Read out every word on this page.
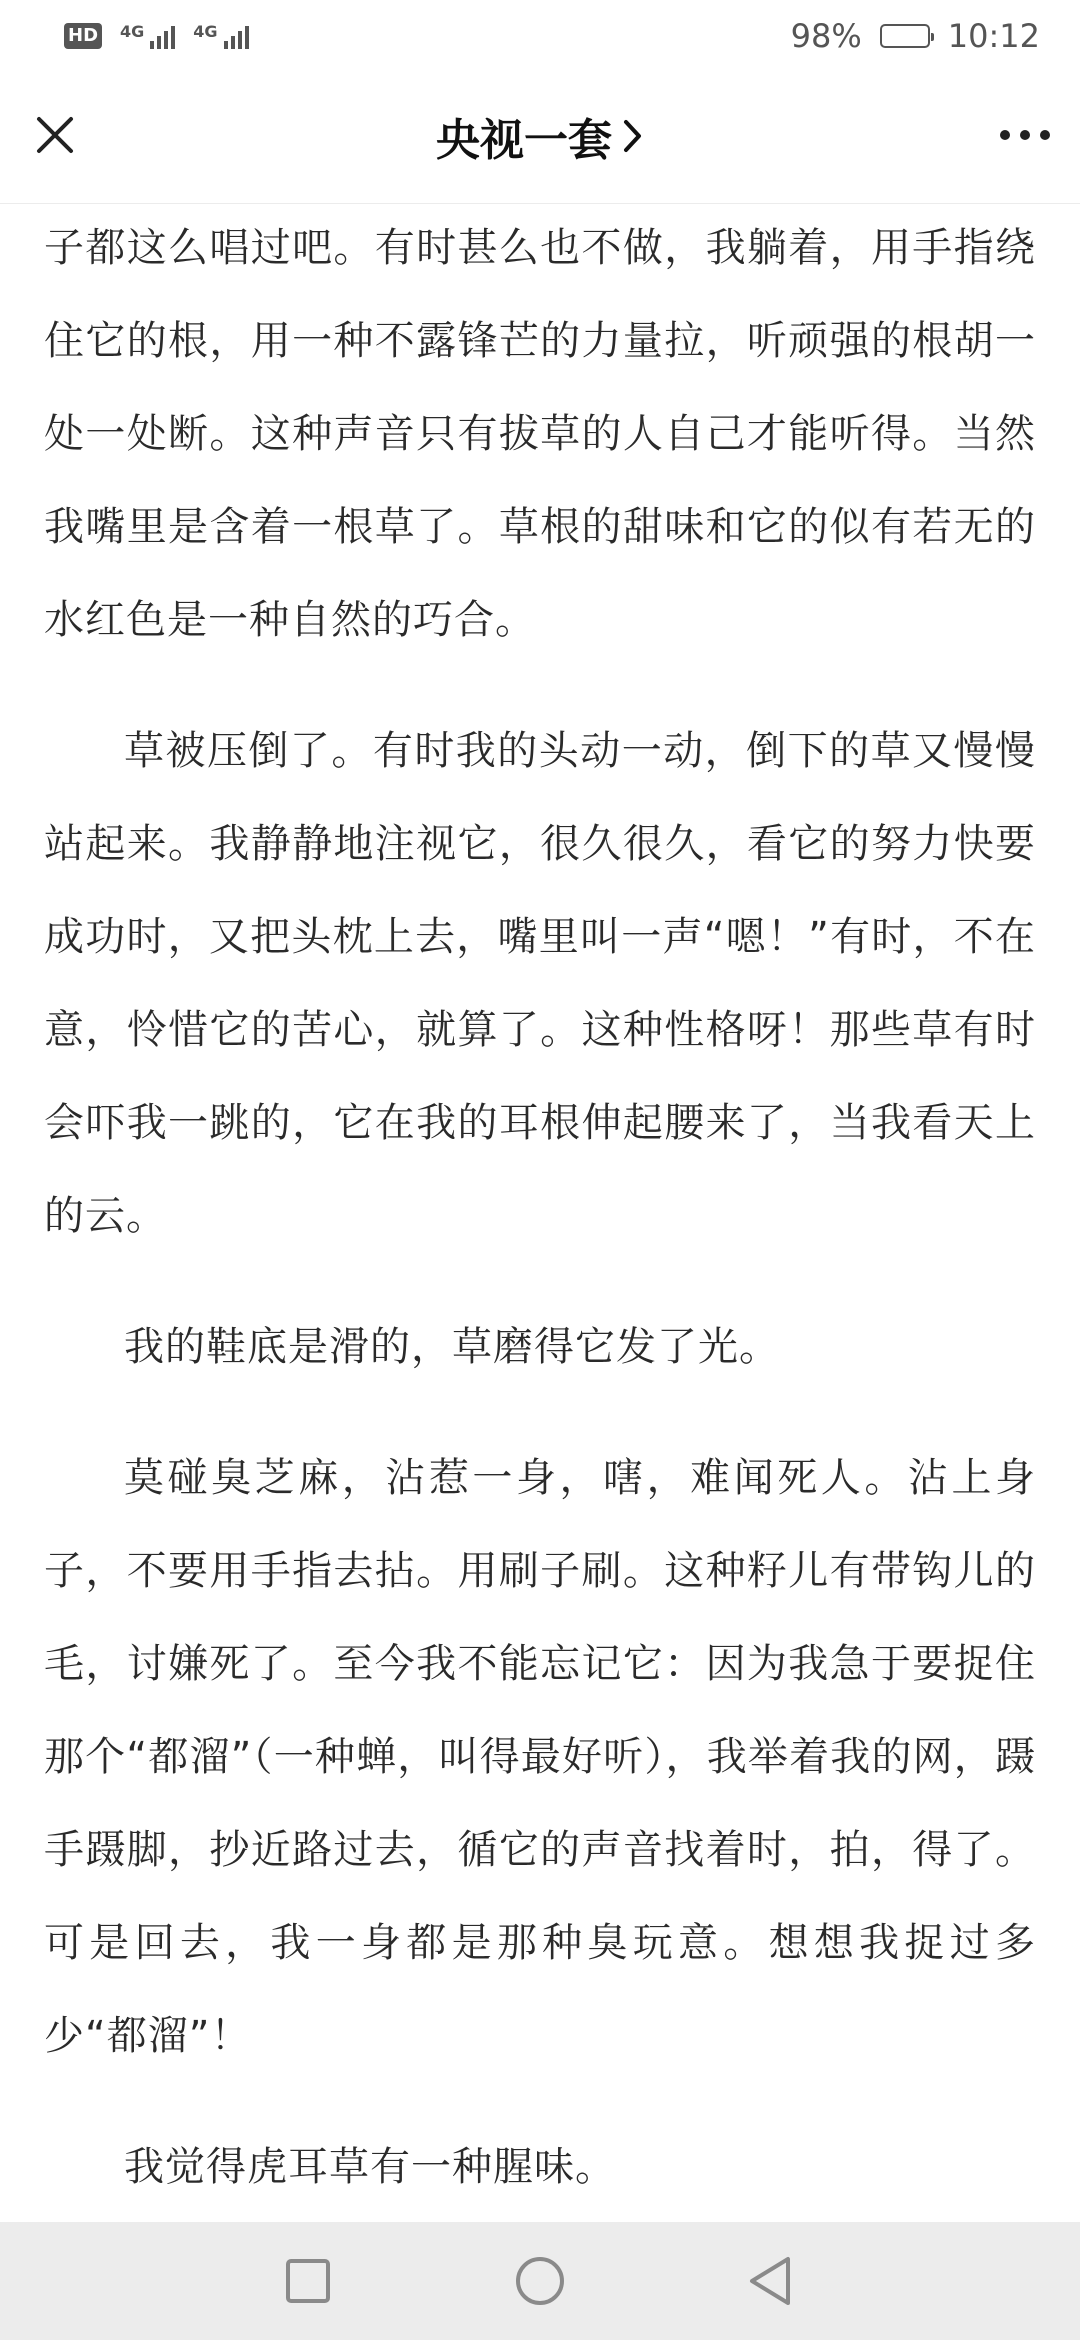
HD 4G	4G	98%	10:12
央视一套

子都这么唱过吧。有时甚么也不做，我躺着，用手指绕住它的根，用一种不露锋芒的力量拉，听顽强的根胡一处一处断。这种声音只有拔草的人自己才能听得。当然我嘴里是含着一根草了。草根的甜味和它的似有若无的水红色是一种自然的巧合。

草被压倒了。有时我的头动一动，倒下的草又慢慢站起来。我静静地注视它，很久很久，看它的努力快要成功时，又把头枕上去，嘴里叫一声“嗯！”有时，不在意，怜惜它的苦心，就算了。这种性格呀！那些草有时会吓我一跳的，它在我的耳根伸起腰来了，当我看天上的云。

我的鞋底是滑的，草磨得它发了光。

莫碰臭芝麻，沾惹一身，嗐，难闻死人。沾上身子，不要用手指去拈。用刷子刷。这种籽儿有带钩儿的毛，讨嫌死了。至今我不能忘记它：因为我急于要捉住那个“都溜”（一种蝉，叫得最好听），我举着我的网，蹑手蹑脚，抄近路过去，循它的声音找着时，拍，得了。可是回去，我一身都是那种臭玩意。想想我捉过多少“都溜”！

我觉得虎耳草有一种腥味。
